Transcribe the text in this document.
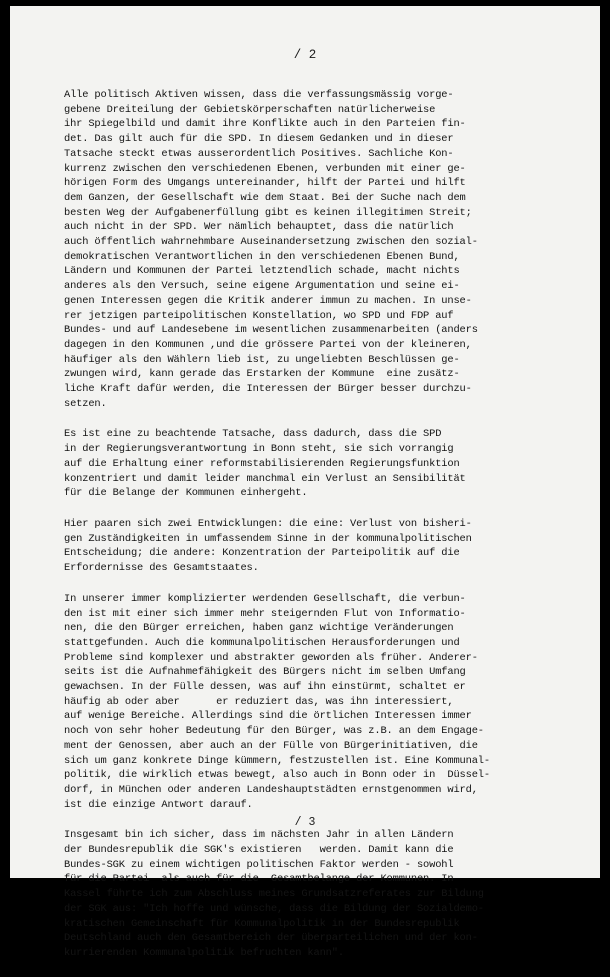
/ 2
Alle politisch Aktiven wissen, dass die verfassungsmässig vorge-
gebene Dreiteilung der Gebietskörperschaften natürlicherweise
ihr Spiegelbild und damit ihre Konflikte auch in den Parteien fin-
det. Das gilt auch für die SPD. In diesem Gedanken und in dieser
Tatsache steckt etwas ausserordentlich Positives. Sachliche Kon-
kurrenz zwischen den verschiedenen Ebenen, verbunden mit einer ge-
hörigen Form des Umgangs untereinander, hilft der Partei und hilft
dem Ganzen, der Gesellschaft wie dem Staat. Bei der Suche nach dem
besten Weg der Aufgabenerfüllung gibt es keinen illegitimen Streit;
auch nicht in der SPD. Wer nämlich behauptet, dass die natürlich
auch öffentlich wahrnehmbare Auseinandersetzung zwischen den sozial-
demokratischen Verantwortlichen in den verschiedenen Ebenen Bund,
Ländern und Kommunen der Partei letztendlich schade, macht nichts
anderes als den Versuch, seine eigene Argumentation und seine ei-
genen Interessen gegen die Kritik anderer immun zu machen. In unse-
rer jetzigen parteipolitischen Konstellation, wo SPD und FDP auf
Bundes- und auf Landesebene im wesentlichen zusammenarbeiten (anders
dagegen in den Kommunen ,und die grössere Partei von der kleineren,
häufiger als den Wählern lieb ist, zu ungeliebten Beschlüssen ge-
zwungen wird, kann gerade das Erstarken der Kommune  eine zusätz-
liche Kraft dafür werden, die Interessen der Bürger besser durchzu-
setzen.
Es ist eine zu beachtende Tatsache, dass dadurch, dass die SPD
in der Regierungsverantwortung in Bonn steht, sie sich vorrangig
auf die Erhaltung einer reformstabilisierenden Regierungsfunktion
konzentriert und damit leider manchmal ein Verlust an Sensibilität
für die Belange der Kommunen einhergeht.
Hier paaren sich zwei Entwicklungen: die eine: Verlust von bisheri-
gen Zuständigkeiten in umfassendem Sinne in der kommunalpolitischen
Entscheidung; die andere: Konzentration der Parteipolitik auf die
Erfordernisse des Gesamtstaates.
In unserer immer komplizierter werdenden Gesellschaft, die verbun-
den ist mit einer sich immer mehr steigernden Flut von Informatio-
nen, die den Bürger erreichen, haben ganz wichtige Veränderungen
stattgefunden. Auch die kommunalpolitischen Herausforderungen und
Probleme sind komplexer und abstrakter geworden als früher. Anderer-
seits ist die Aufnahmefähigkeit des Bürgers nicht im selben Umfang
gewachsen. In der Fülle dessen, was auf ihn einstürmt, schaltet er
häufig ab oder aber      er reduziert das, was ihn interessiert,
auf wenige Bereiche. Allerdings sind die örtlichen Interessen immer
noch von sehr hoher Bedeutung für den Bürger, was z.B. an dem Engage-
ment der Genossen, aber auch an der Fülle von Bürgerinitiativen, die
sich um ganz konkrete Dinge kümmern, festzustellen ist. Eine Kommunal-
politik, die wirklich etwas bewegt, also auch in Bonn oder in  Düssel-
dorf, in München oder anderen Landeshauptstädten ernstgenommen wird,
ist die einzige Antwort darauf.
Insgesamt bin ich sicher, dass im nächsten Jahr in allen Ländern
der Bundesrepublik die SGK's existieren   werden. Damit kann die
Bundes-SGK zu einem wichtigen politischen Faktor werden - sowohl
für die Partei  als auch für die  Gesamtbelange der Kommunen. In
Kassel führte ich zum Abschluss meines Grundsatzreferates zur Bildung
der SGK aus: "Ich hoffe und wünsche, dass die Bildung der Sozialdemo-
kratischen Gemeinschaft für Kommunalpolitik in der Bundesrepublik
Deutschland auch den Gesamtbereich der überparteilichen und der kon-
kurrierenden Kommunalpolitik befruchten kann".
/ 3
